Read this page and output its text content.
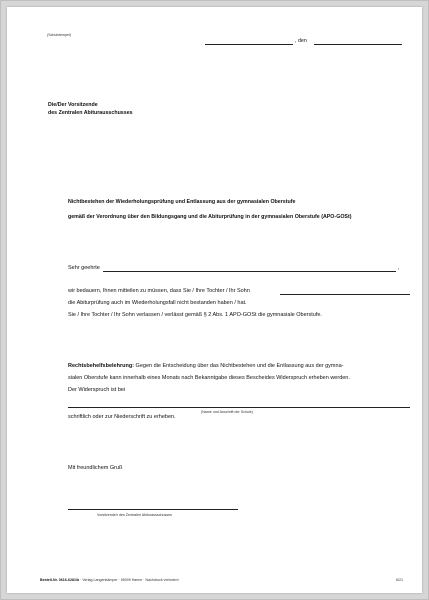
(Schulstempel)
, den
Die/Der Vorsitzende
des Zentralen Abiturausschusses
Nichtbestehen der Wiederholungsprüfung und Entlassung aus der gymnasialen Oberstufe
gemäß der Verordnung über den Bildungsgang und die Abiturprüfung in der gymnasialen Oberstufe (APO-GOSt)
Sehr geehrte	,
wir bedauern, Ihnen mitteilen zu müssen, dass Sie / Ihre Tochter / Ihr Sohn
die Abiturprüfung auch im Wiederholungsfall nicht bestanden haben / hat.
Sie / Ihre Tochter / Ihr Sohn verlassen / verlässt gemäß § 2 Abs. 1 APO-GOSt die gymnasiale Oberstufe.
Rechtsbehelfsbelehrung: Gegen die Entscheidung über das Nichtbestehen und die Entlassung aus der gymna-
sialen Oberstufe kann innerhalb eines Monats nach Bekanntgabe dieses Bescheides Widerspruch erheben werden.
Der Widerspruch ist bei
(Name und Anschrift der Schule)
schriftlich oder zur Niederschrift zu erheben.
Mit freundlichem Gruß
Vorsitzende/r des Zentralen Abiturausschusses
Bestell-Nr. 0616-6281/b · Verlag Langenkämper · 59009 Hamm · Nachdruck verboten!	6/21
